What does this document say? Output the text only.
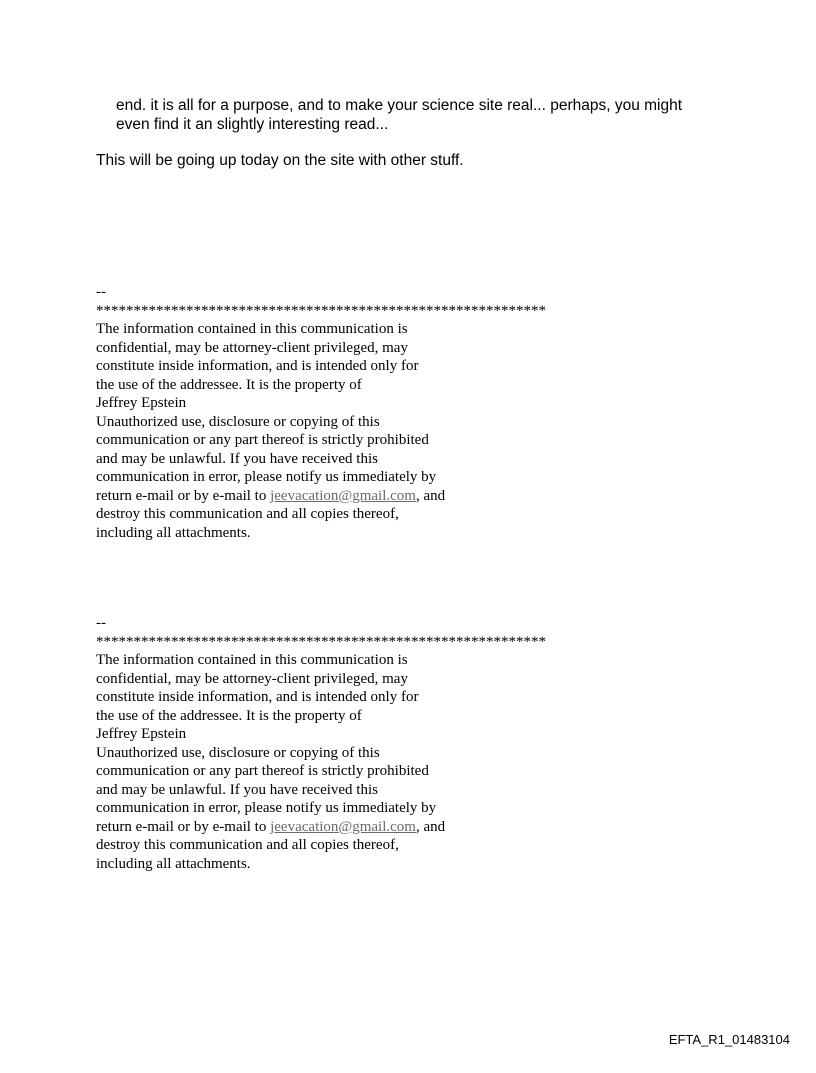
end. it is all for a purpose, and to make your science site real... perhaps, you might
even find it an slightly interesting read...
This will be going up today on the site with other stuff.
--
************************************************************
The information contained in this communication is
confidential, may be attorney-client privileged, may
constitute inside information, and is intended only for
the use of the addressee. It is the property of
Jeffrey Epstein
Unauthorized use, disclosure or copying of this
communication or any part thereof is strictly prohibited
and may be unlawful. If you have received this
communication in error, please notify us immediately by
return e-mail or by e-mail to jeevacation@gmail.com, and
destroy this communication and all copies thereof,
including all attachments.
--
************************************************************
The information contained in this communication is
confidential, may be attorney-client privileged, may
constitute inside information, and is intended only for
the use of the addressee. It is the property of
Jeffrey Epstein
Unauthorized use, disclosure or copying of this
communication or any part thereof is strictly prohibited
and may be unlawful. If you have received this
communication in error, please notify us immediately by
return e-mail or by e-mail to jeevacation@gmail.com, and
destroy this communication and all copies thereof,
including all attachments.
EFTA_R1_01483104
